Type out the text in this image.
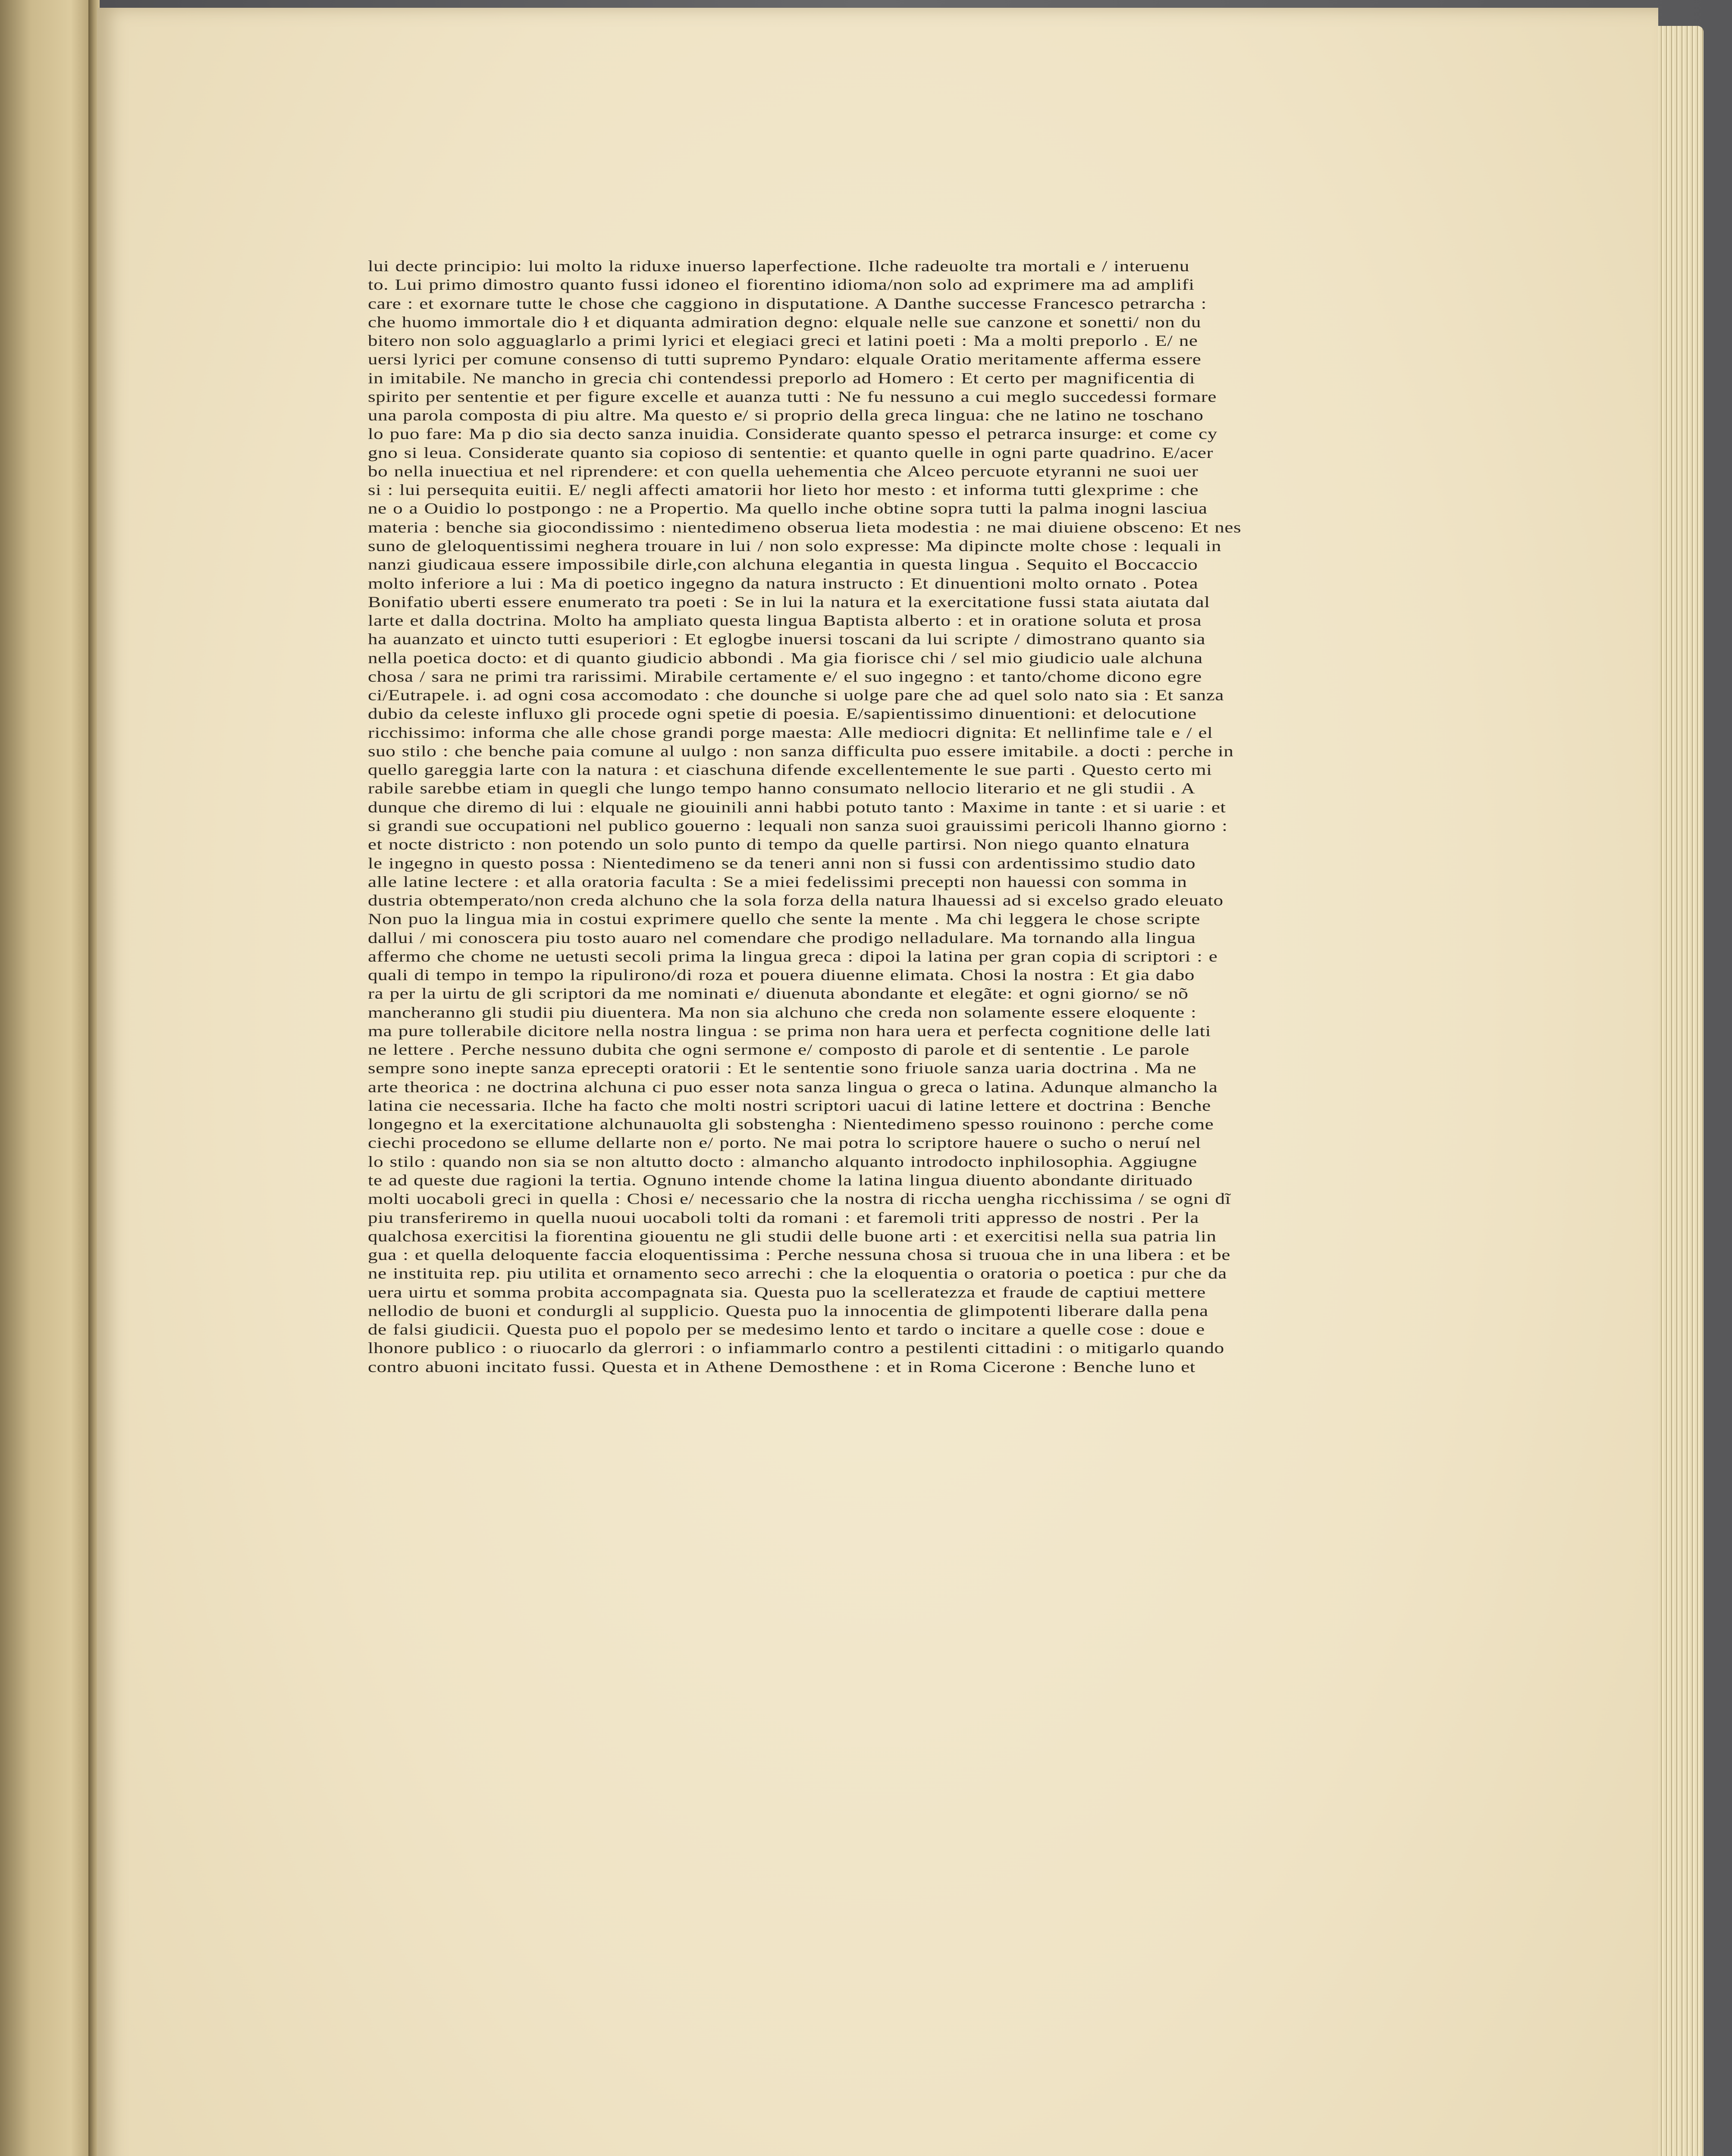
lui decte principio: lui molto la riduxe inuerso laperfectione. Ilche radeuolte tra mortali e / interuenu
to. Lui primo dimostro quanto fussi idoneo el fiorentino idioma/non solo ad exprimere ma ad amplifi
care : et exornare tutte le chose che caggiono in disputatione. A Danthe successe Francesco petrarcha :
che huomo immortale dio ł et diquanta admiration degno: elquale nelle sue canzone et sonetti/ non du
bitero non solo agguaglarlo a primi lyrici et elegiaci greci et latini poeti : Ma a molti preporlo . E/ ne
uersi lyrici per comune consenso di tutti supremo Pyndaro: elquale Oratio meritamente afferma essere
in imitabile. Ne mancho in grecia chi contendessi preporlo ad Homero : Et certo per magnificentia di
spirito per sententie et per figure excelle et auanza tutti : Ne fu nessuno a cui meglo succedessi formare
una parola composta di piu altre. Ma questo e/ si proprio della greca lingua: che ne latino ne toschano
lo puo fare: Ma p dio sia decto sanza inuidia. Considerate quanto spesso el petrarca insurge: et come cy
gno si leua. Considerate quanto sia copioso di sententie: et quanto quelle in ogni parte quadrino. E/acer
bo nella inuectiua et nel riprendere: et con quella uehementia che Alceo percuote etyranni ne suoi uer
si : lui persequita euitii. E/ negli affecti amatorii hor lieto hor mesto : et informa tutti glexprime : che
ne o a Ouidio lo postpongo : ne a Propertio. Ma quello inche obtine sopra tutti la palma inogni lasciua
materia : benche sia giocondissimo : nientedimeno obserua lieta modestia : ne mai diuiene obsceno: Et nes
suno de gleloquentissimi neghera trouare in lui / non solo expresse: Ma dipincte molte chose : lequali in
nanzi giudicaua essere impossibile dirle,con alchuna elegantia in questa lingua . Sequito el Boccaccio
molto inferiore a lui : Ma di poetico ingegno da natura instructo : Et dinuentioni molto ornato . Potea
Bonifatio uberti essere enumerato tra poeti : Se in lui la natura et la exercitatione fussi stata aiutata dal
larte et dalla doctrina. Molto ha ampliato questa lingua Baptista alberto : et in oratione soluta et prosa
ha auanzato et uincto tutti esuperiori : Et eglogbe inuersi toscani da lui scripte / dimostrano quanto sia
nella poetica docto: et di quanto giudicio abbondi . Ma gia fiorisce chi / sel mio giudicio uale alchuna
chosa / sara ne primi tra rarissimi. Mirabile certamente e/ el suo ingegno : et tanto/chome dicono egre
ci/Eutrapele. i. ad ogni cosa accomodato : che dounche si uolge pare che ad quel solo nato sia : Et sanza
dubio da celeste influxo gli procede ogni spetie di poesia. E/sapientissimo dinuentioni: et delocutione
ricchissimo: informa che alle chose grandi porge maesta: Alle mediocri dignita: Et nellinfime tale e / el
suo stilo : che benche paia comune al uulgo : non sanza difficulta puo essere imitabile. a docti : perche in
quello gareggia larte con la natura : et ciaschuna difende excellentemente le sue parti . Questo certo mi
rabile sarebbe etiam in quegli che lungo tempo hanno consumato nellocio literario et ne gli studii . A
dunque che diremo di lui : elquale ne giouinili anni habbi potuto tanto : Maxime in tante : et si uarie : et
si grandi sue occupationi nel publico gouerno : lequali non sanza suoi grauissimi pericoli lhanno giorno :
et nocte districto : non potendo un solo punto di tempo da quelle partirsi. Non niego quanto elnatura
le ingegno in questo possa : Nientedimeno se da teneri anni non si fussi con ardentissimo studio dato
alle latine lectere : et alla oratoria faculta : Se a miei fedelissimi precepti non hauessi con somma in
dustria obtemperato/non creda alchuno che la sola forza della natura lhauessi ad si excelso grado eleuato
Non puo la lingua mia in costui exprimere quello che sente la mente . Ma chi leggera le chose scripte
dallui / mi conoscera piu tosto auaro nel comendare che prodigo nelladulare. Ma tornando alla lingua
affermo che chome ne uetusti secoli prima la lingua greca : dipoi la latina per gran copia di scriptori : e
quali di tempo in tempo la ripulirono/di roza et pouera diuenne elimata. Chosi la nostra : Et gia dabo
ra per la uirtu de gli scriptori da me nominati e/ diuenuta abondante et elegãte: et ogni giorno/ se nõ
mancheranno gli studii piu diuentera. Ma non sia alchuno che creda non solamente essere eloquente :
ma pure tollerabile dicitore nella nostra lingua : se prima non hara uera et perfecta cognitione delle lati
ne lettere . Perche nessuno dubita che ogni sermone e/ composto di parole et di sententie . Le parole
sempre sono inepte sanza eprecepti oratorii : Et le sententie sono friuole sanza uaria doctrina . Ma ne
arte theorica : ne doctrina alchuna ci puo esser nota sanza lingua o greca o latina. Adunque almancho la
latina cie necessaria. Ilche ha facto che molti nostri scriptori uacui di latine lettere et doctrina : Benche
longegno et la exercitatione alchunauolta gli sobstengha : Nientedimeno spesso rouinono : perche come
ciechi procedono se ellume dellarte non e/ porto. Ne mai potra lo scriptore hauere o sucho o neruí nel
lo stilo : quando non sia se non altutto docto : almancho alquanto introdocto inphilosophia. Aggiugne
te ad queste due ragioni la tertia. Ognuno intende chome la latina lingua diuento abondante dirituado
molti uocaboli greci in quella : Chosi e/ necessario che la nostra di riccha uengha ricchissima / se ogni dĩ
piu transferiremo in quella nuoui uocaboli tolti da romani : et faremoli triti appresso de nostri . Per la
qualchosa exercitisi la fiorentina giouentu ne gli studii delle buone arti : et exercitisi nella sua patria lin
gua : et quella deloquente faccia eloquentissima : Perche nessuna chosa si truoua che in una libera : et be
ne instituita rep. piu utilita et ornamento seco arrechi : che la eloquentia o oratoria o poetica : pur che da
uera uirtu et somma probita accompagnata sia. Questa puo la scelleratezza et fraude de captiui mettere
nellodio de buoni et condurgli al supplicio. Questa puo la innocentia de glimpotenti liberare dalla pena
de falsi giudicii. Questa puo el popolo per se medesimo lento et tardo o incitare a quelle cose : doue e
lhonore publico : o riuocarlo da glerrori : o infiammarlo contro a pestilenti cittadini : o mitigarlo quando
contro abuoni incitato fussi. Questa et in Athene Demosthene : et in Roma Cicerone : Benche luno et
